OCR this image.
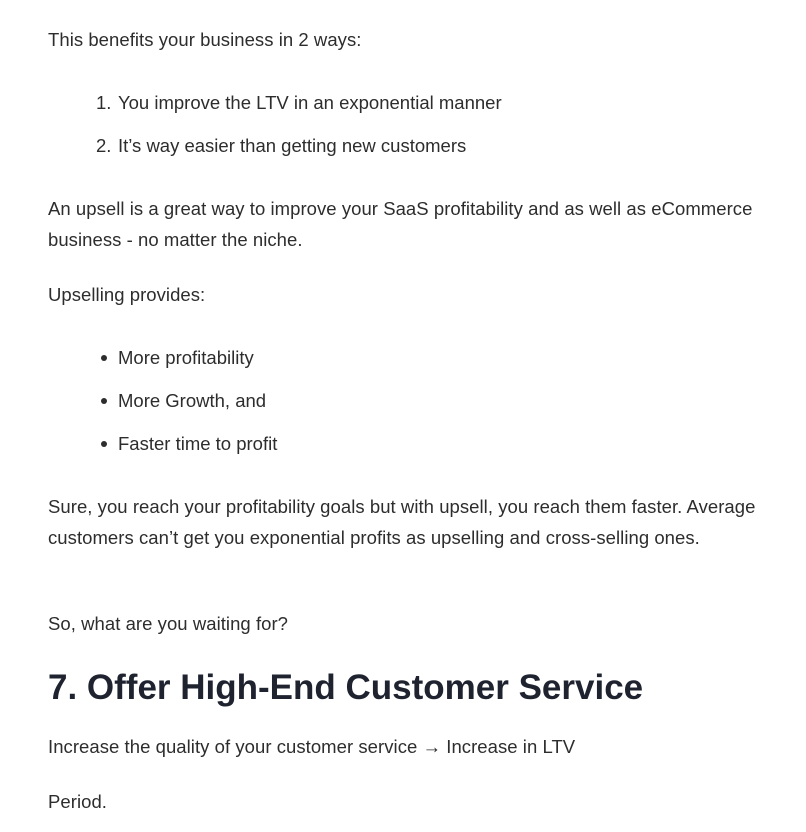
This benefits your business in 2 ways:

1. You improve the LTV in an exponential manner
2. It’s way easier than getting new customers

An upsell is a great way to improve your SaaS profitability and as well as eCommerce business - no matter the niche.

Upselling provides:

More profitability
More Growth, and
Faster time to profit

Sure, you reach your profitability goals but with upsell, you reach them faster. Average customers can’t get you exponential profits as upselling and cross-selling ones.

So, what are you waiting for?

7. Offer High-End Customer Service

Increase the quality of your customer service → Increase in LTV

Period.
